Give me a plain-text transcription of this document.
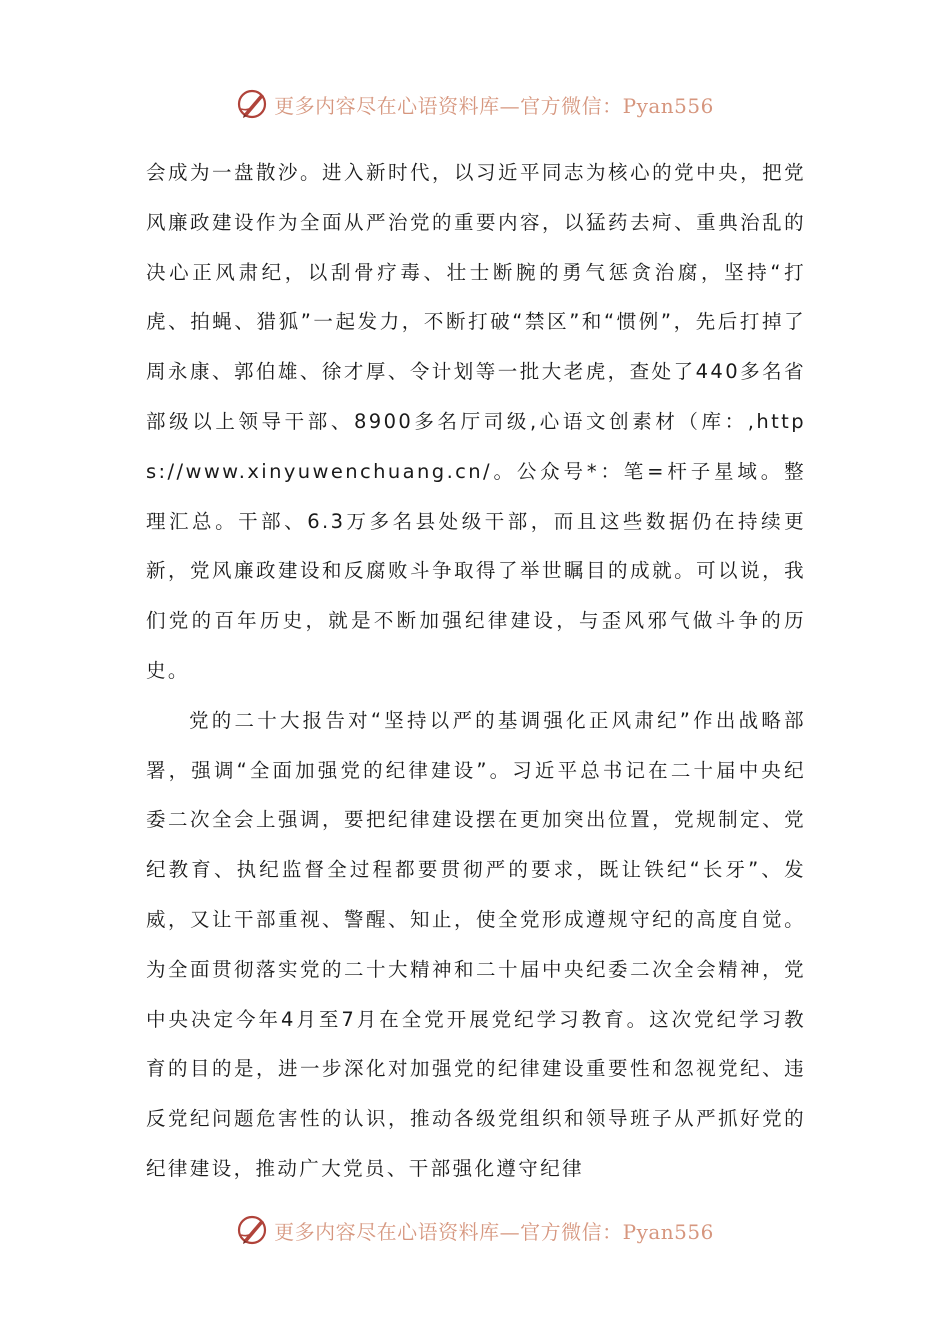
更多内容尽在心语资料库—官方微信：Pyan556

会成为一盘散沙。进入新时代，以习近平同志为核心的党中央，把党风廉政建设作为全面从严治党的重要内容，以猛药去疴、重典治乱的决心正风肃纪，以刮骨疗毒、壮士断腕的勇气惩贪治腐，坚持“打虎、拍蝇、猎狐”一起发力，不断打破“禁区”和“惯例”，先后打掉了周永康、郭伯雄、徐才厚、令计划等一批大老虎，查处了440多名省部级以上领导干部、8900多名厅司级,心语文创素材（库：,https://www.xinyuwenchuang.cn/。公众号*：笔=杆子星域。整理汇总。干部、6.3万多名县处级干部，而且这些数据仍在持续更新，党风廉政建设和反腐败斗争取得了举世瞩目的成就。可以说，我们党的百年历史，就是不断加强纪律建设，与歪风邪气做斗争的历史。

党的二十大报告对“坚持以严的基调强化正风肃纪”作出战略部署，强调“全面加强党的纪律建设”。习近平总书记在二十届中央纪委二次全会上强调，要把纪律建设摆在更加突出位置，党规制定、党纪教育、执纪监督全过程都要贯彻严的要求，既让铁纪“长牙”、发威，又让干部重视、警醒、知止，使全党形成遵规守纪的高度自觉。为全面贯彻落实党的二十大精神和二十届中央纪委二次全会精神，党中央决定今年4月至7月在全党开展党纪学习教育。这次党纪学习教育的目的是，进一步深化对加强党的纪律建设重要性和忽视党纪、违反党纪问题危害性的认识，推动各级党组织和领导班子从严抓好党的纪律建设，推动广大党员、干部强化遵守纪律

更多内容尽在心语资料库—官方微信：Pyan556
